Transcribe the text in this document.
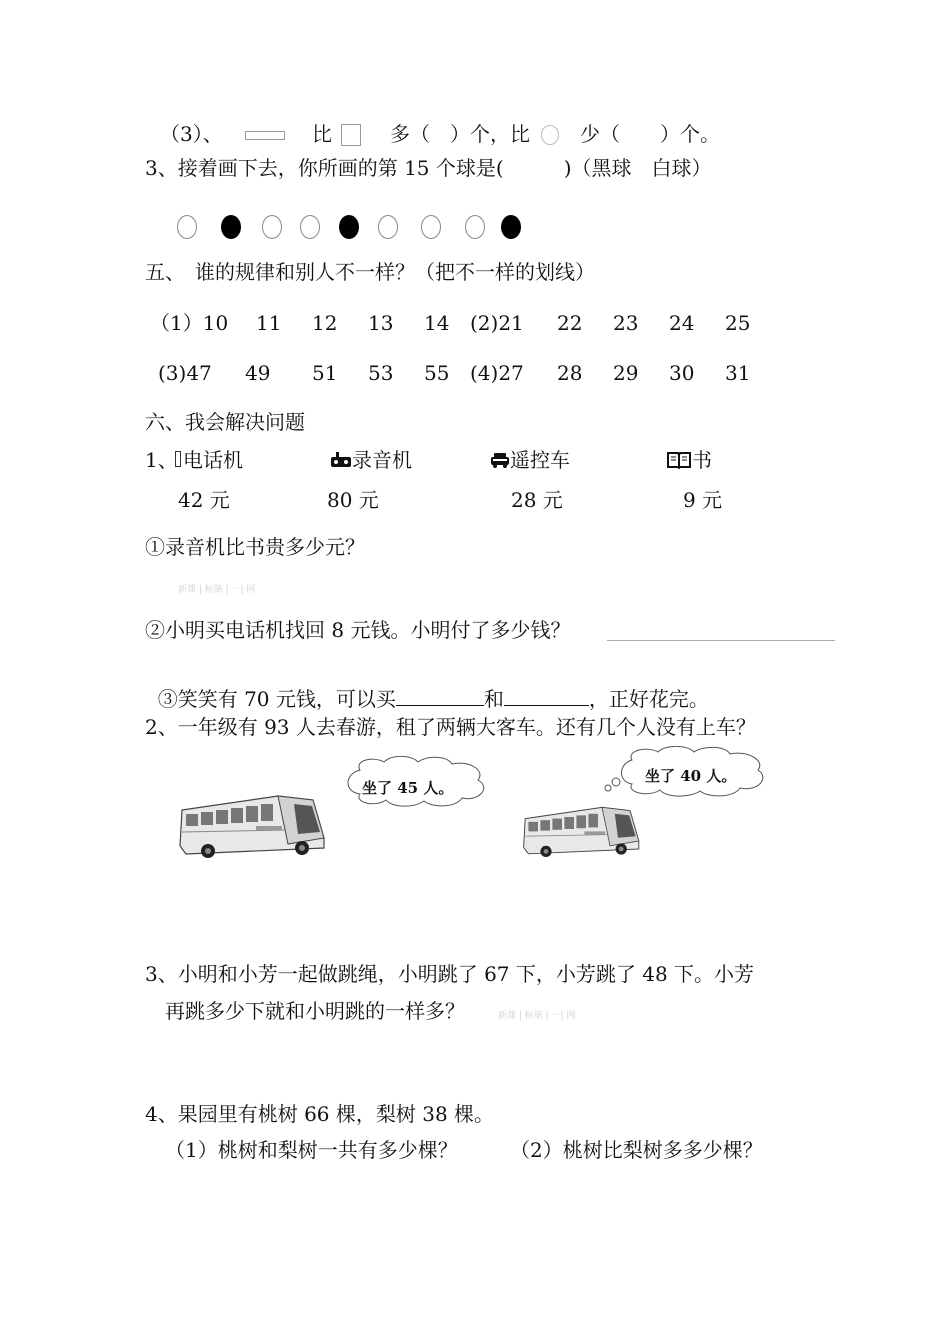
（3）、	比	多（　）个，比	少（　　）个。
3、接着画下去，你所画的第 15 个球是(　　　)（黑球　白球）
五、　谁的规律和别人不一样？（把不一样的划线）
（1）10 11 12 13 14 (2)21 22 23 24 25
(3)47 49 51 53 55 (4)27 28 29 30 31
六、我会解决问题
1、 电话机	录音机	遥控车	书
42 元	80 元	28 元	9 元
①录音机比书贵多少元？
新课 | 标第 | 一| 网
②小明买电话机找回 8 元钱。小明付了多少钱？

③笑笑有 70 元钱，可以买	和	，正好花完。

2、一年级有 93 人去春游，租了两辆大客车。还有几个人没有上车？
坐了 45 人。
坐了 40 人。
3、小明和小芳一起做跳绳，小明跳了 67 下，小芳跳了 48 下。小芳
再跳多少下就和小明跳的一样多？	新课 | 标第 | 一| 网
4、果园里有桃树 66 棵，梨树 38 棵。
（1）桃树和梨树一共有多少棵？	（2）桃树比梨树多多少棵？
